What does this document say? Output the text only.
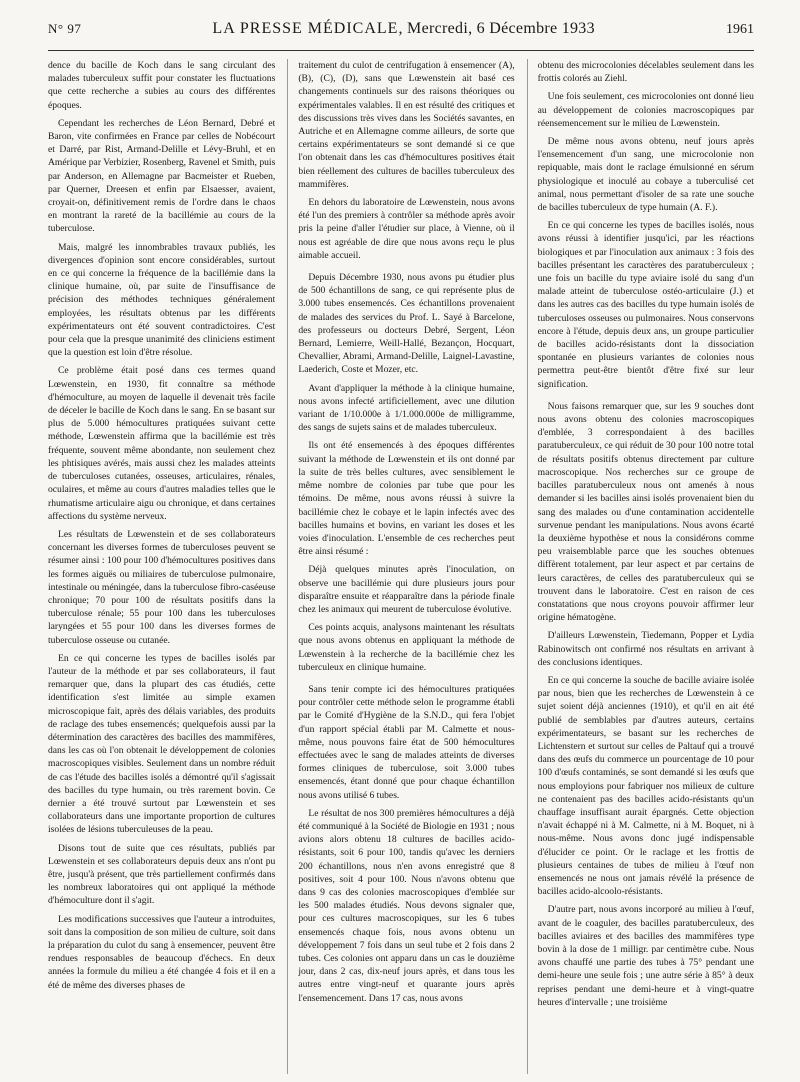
N° 97	LA PRESSE MÉDICALE, Mercredi, 6 Décembre 1933	1961

dence du bacille de Koch dans le sang circulant des malades tuberculeux suffit pour constater les fluctuations que cette recherche a subies au cours des différentes époques.

Cependant les recherches de Léon Bernard, Debré et Baron, vite confirmées en France par celles de Nobécourt et Darré, par Rist, Armand-Delille et Lévy-Bruhl, et en Amérique par Verbizier, Rosenberg, Ravenel et Smith, puis par Anderson, en Allemagne par Bacmeister et Rueben, par Querner, Dreesen et enfin par Elsaesser, avaient, croyait-on, définitivement remis de l'ordre dans le chaos en montrant la rareté de la bacillémie au cours de la tuberculose.

Mais, malgré les innombrables travaux publiés, les divergences d'opinion sont encore considérables, surtout en ce qui concerne la fréquence de la bacillémie dans la clinique humaine, où, par suite de l'insuffisance de précision des méthodes techniques généralement employées, les résultats obtenus par les différents expérimentateurs ont été souvent contradictoires. C'est pour cela que la presque unanimité des cliniciens estiment que la question est loin d'être résolue.

Ce problème était posé dans ces termes quand Lœwenstein, en 1930, fit connaître sa méthode d'hémoculture, au moyen de laquelle il devenait très facile de déceler le bacille de Koch dans le sang. En se basant sur plus de 5.000 hémocultures pratiquées suivant cette méthode, Lœwenstein affirma que la bacillémie est très fréquente, souvent même abondante, non seulement chez les phtisiques avérés, mais aussi chez les malades atteints de tuberculoses cutanées, osseuses, articulaires, rénales, oculaires, et même au cours d'autres maladies telles que le rhumatisme articulaire aigu ou chronique, et dans certaines affections du système nerveux.

Les résultats de Lœwenstein et de ses collaborateurs concernant les diverses formes de tuberculoses peuvent se résumer ainsi : 100 pour 100 d'hémocultures positives dans les formes aiguës ou miliaires de tuberculose pulmonaire, intestinale ou méningée, dans la tuberculose fibro-caséeuse chronique; 70 pour 100 de résultats positifs dans la tuberculose rénale; 55 pour 100 dans les tuberculoses laryngées et 55 pour 100 dans les diverses formes de tuberculose osseuse ou cutanée.

En ce qui concerne les types de bacilles isolés par l'auteur de la méthode et par ses collaborateurs, il faut remarquer que, dans la plupart des cas étudiés, cette identification s'est limitée au simple examen microscopique fait, après des délais variables, des produits de raclage des tubes ensemencés; quelquefois aussi par la détermination des caractères des bacilles des mammifères, dans les cas où l'on obtenait le développement de colonies macroscopiques visibles. Seulement dans un nombre réduit de cas l'étude des bacilles isolés a démontré qu'il s'agissait des bacilles du type humain, ou très rarement bovin. Ce dernier a été trouvé surtout par Lœwenstein et ses collaborateurs dans une importante proportion de cultures isolées de lésions tuberculeuses de la peau.

Disons tout de suite que ces résultats, publiés par Lœwenstein et ses collaborateurs depuis deux ans n'ont pu être, jusqu'à présent, que très partiellement confirmés dans les nombreux laboratoires qui ont appliqué la méthode d'hémoculture dont il s'agit.

Les modifications successives que l'auteur a introduites, soit dans la composition de son milieu de culture, soit dans la préparation du culot du sang à ensemencer, peuvent être rendues responsables de beaucoup d'échecs. En deux années la formule du milieu a été changée 4 fois et il en a été de même des diverses phases de

traitement du culot de centrifugation à ensemencer (A), (B), (C), (D), sans que Lœwenstein ait basé ces changements continuels sur des raisons théoriques ou expérimentales valables. Il en est résulté des critiques et des discussions très vives dans les Sociétés savantes, en Autriche et en Allemagne comme ailleurs, de sorte que certains expérimentateurs se sont demandé si ce que l'on obtenait dans les cas d'hémocultures positives était bien réellement des cultures de bacilles tuberculeux des mammifères.

En dehors du laboratoire de Lœwenstein, nous avons été l'un des premiers à contrôler sa méthode après avoir pris la peine d'aller l'étudier sur place, à Vienne, où il nous est agréable de dire que nous avons reçu le plus aimable accueil.

Depuis Décembre 1930, nous avons pu étudier plus de 500 échantillons de sang, ce qui représente plus de 3.000 tubes ensemencés. Ces échantillons provenaient de malades des services du Prof. L. Sayé à Barcelone, des professeurs ou docteurs Debré, Sergent, Léon Bernard, Lemierre, Weill-Hallé, Bezançon, Hocquart, Chevallier, Abrami, Armand-Delille, Laignel-Lavastine, Laederich, Coste et Mozer, etc.

Avant d'appliquer la méthode à la clinique humaine, nous avons infecté artificiellement, avec une dilution variant de 1/10.000e à 1/1.000.000e de milligramme, des sangs de sujets sains et de malades tuberculeux.

Ils ont été ensemencés à des époques différentes suivant la méthode de Lœwenstein et ils ont donné par la suite de très belles cultures, avec sensiblement le même nombre de colonies par tube que pour les témoins. De même, nous avons réussi à suivre la bacillémie chez le cobaye et le lapin infectés avec des bacilles humains et bovins, en variant les doses et les voies d'inoculation. L'ensemble de ces recherches peut être ainsi résumé :

Déjà quelques minutes après l'inoculation, on observe une bacillémie qui dure plusieurs jours pour disparaître ensuite et réapparaître dans la période finale chez les animaux qui meurent de tuberculose évolutive.

Ces points acquis, analysons maintenant les résultats que nous avons obtenus en appliquant la méthode de Lœwenstein à la recherche de la bacillémie chez les tuberculeux en clinique humaine.

Sans tenir compte ici des hémocultures pratiquées pour contrôler cette méthode selon le programme établi par le Comité d'Hygiène de la S.N.D., qui fera l'objet d'un rapport spécial établi par M. Calmette et nous-même, nous pouvons faire état de 500 hémocultures effectuées avec le sang de malades atteints de diverses formes cliniques de tuberculose, soit 3.000 tubes ensemencés, étant donné que pour chaque échantillon nous avons utilisé 6 tubes.

Le résultat de nos 300 premières hémocultures a déjà été communiqué à la Société de Biologie en 1931 ; nous avions alors obtenu 18 cultures de bacilles acido-résistants, soit 6 pour 100, tandis qu'avec les derniers 200 échantillons, nous n'en avons enregistré que 8 positives, soit 4 pour 100. Nous n'avons obtenu que dans 9 cas des colonies macroscopiques d'emblée sur les 500 malades étudiés. Nous devons signaler que, pour ces cultures macroscopiques, sur les 6 tubes ensemencés chaque fois, nous avons obtenu un développement 7 fois dans un seul tube et 2 fois dans 2 tubes. Ces colonies ont apparu dans un cas le douzième jour, dans 2 cas, dix-neuf jours après, et dans tous les autres entre vingt-neuf et quarante jours après l'ensemencement. Dans 17 cas, nous avons

obtenu des microcolonies décelables seulement dans les frottis colorés au Ziehl.

Une fois seulement, ces microcolonies ont donné lieu au développement de colonies macroscopiques par réensemencement sur le milieu de Lœwenstein.

De même nous avons obtenu, neuf jours après l'ensemencement d'un sang, une microcolonie non repiquable, mais dont le raclage émulsionné en sérum physiologique et inoculé au cobaye a tuberculisé cet animal, nous permettant d'isoler de sa rate une souche de bacilles tuberculeux de type humain (A. F.).

En ce qui concerne les types de bacilles isolés, nous avons réussi à identifier jusqu'ici, par les réactions biologiques et par l'inoculation aux animaux : 3 fois des bacilles présentant les caractères des paratuberculeux ; une fois un bacille du type aviaire isolé du sang d'un malade atteint de tuberculose ostéo-articulaire (J.) et dans les autres cas des bacilles du type humain isolés de tuberculoses osseuses ou pulmonaires. Nous conservons encore à l'étude, depuis deux ans, un groupe particulier de bacilles acido-résistants dont la dissociation spontanée en plusieurs variantes de colonies nous permettra peut-être bientôt d'être fixé sur leur signification.

Nous faisons remarquer que, sur les 9 souches dont nous avons obtenu des colonies macroscopiques d'emblée, 3 correspondaient à des bacilles paratuberculeux, ce qui réduit de 30 pour 100 notre total de résultats positifs obtenus directement par culture macroscopique. Nos recherches sur ce groupe de bacilles paratuberculeux nous ont amenés à nous demander si les bacilles ainsi isolés provenaient bien du sang des malades ou d'une contamination accidentelle survenue pendant les manipulations. Nous avons écarté la deuxième hypothèse et nous la considérons comme peu vraisemblable parce que les souches obtenues diffèrent totalement, par leur aspect et par certains de leurs caractères, de celles des paratuberculeux qui se trouvent dans le laboratoire. C'est en raison de ces constatations que nous croyons pouvoir affirmer leur origine hématogène.

D'ailleurs Lœwenstein, Tiedemann, Popper et Lydia Rabinowitsch ont confirmé nos résultats en arrivant à des conclusions identiques.

En ce qui concerne la souche de bacille aviaire isolée par nous, bien que les recherches de Lœwenstein à ce sujet soient déjà anciennes (1910), et qu'il en ait été publié de semblables par d'autres auteurs, certains expérimentateurs, se basant sur les recherches de Lichtenstern et surtout sur celles de Paltauf qui a trouvé dans des œufs du commerce un pourcentage de 10 pour 100 d'œufs contaminés, se sont demandé si les œufs que nous employions pour fabriquer nos milieux de culture ne contenaient pas des bacilles acido-résistants qu'un chauffage insuffisant aurait épargnés. Cette objection n'avait échappé ni à M. Calmette, ni à M. Boquet, ni à nous-même. Nous avons donc jugé indispensable d'élucider ce point. Or le raclage et les frottis de plusieurs centaines de tubes de milieu à l'œuf non ensemencés ne nous ont jamais révélé la présence de bacilles acido-alcoolo-résistants.

D'autre part, nous avons incorporé au milieu à l'œuf, avant de le coaguler, des bacilles paratuberculeux, des bacilles aviaires et des bacilles des mammifères type bovin à la dose de 1 milligr. par centimètre cube. Nous avons chauffé une partie des tubes à 75° pendant une demi-heure une seule fois ; une autre série à 85° à deux reprises pendant une demi-heure et à vingt-quatre heures d'intervalle ; une troisième
